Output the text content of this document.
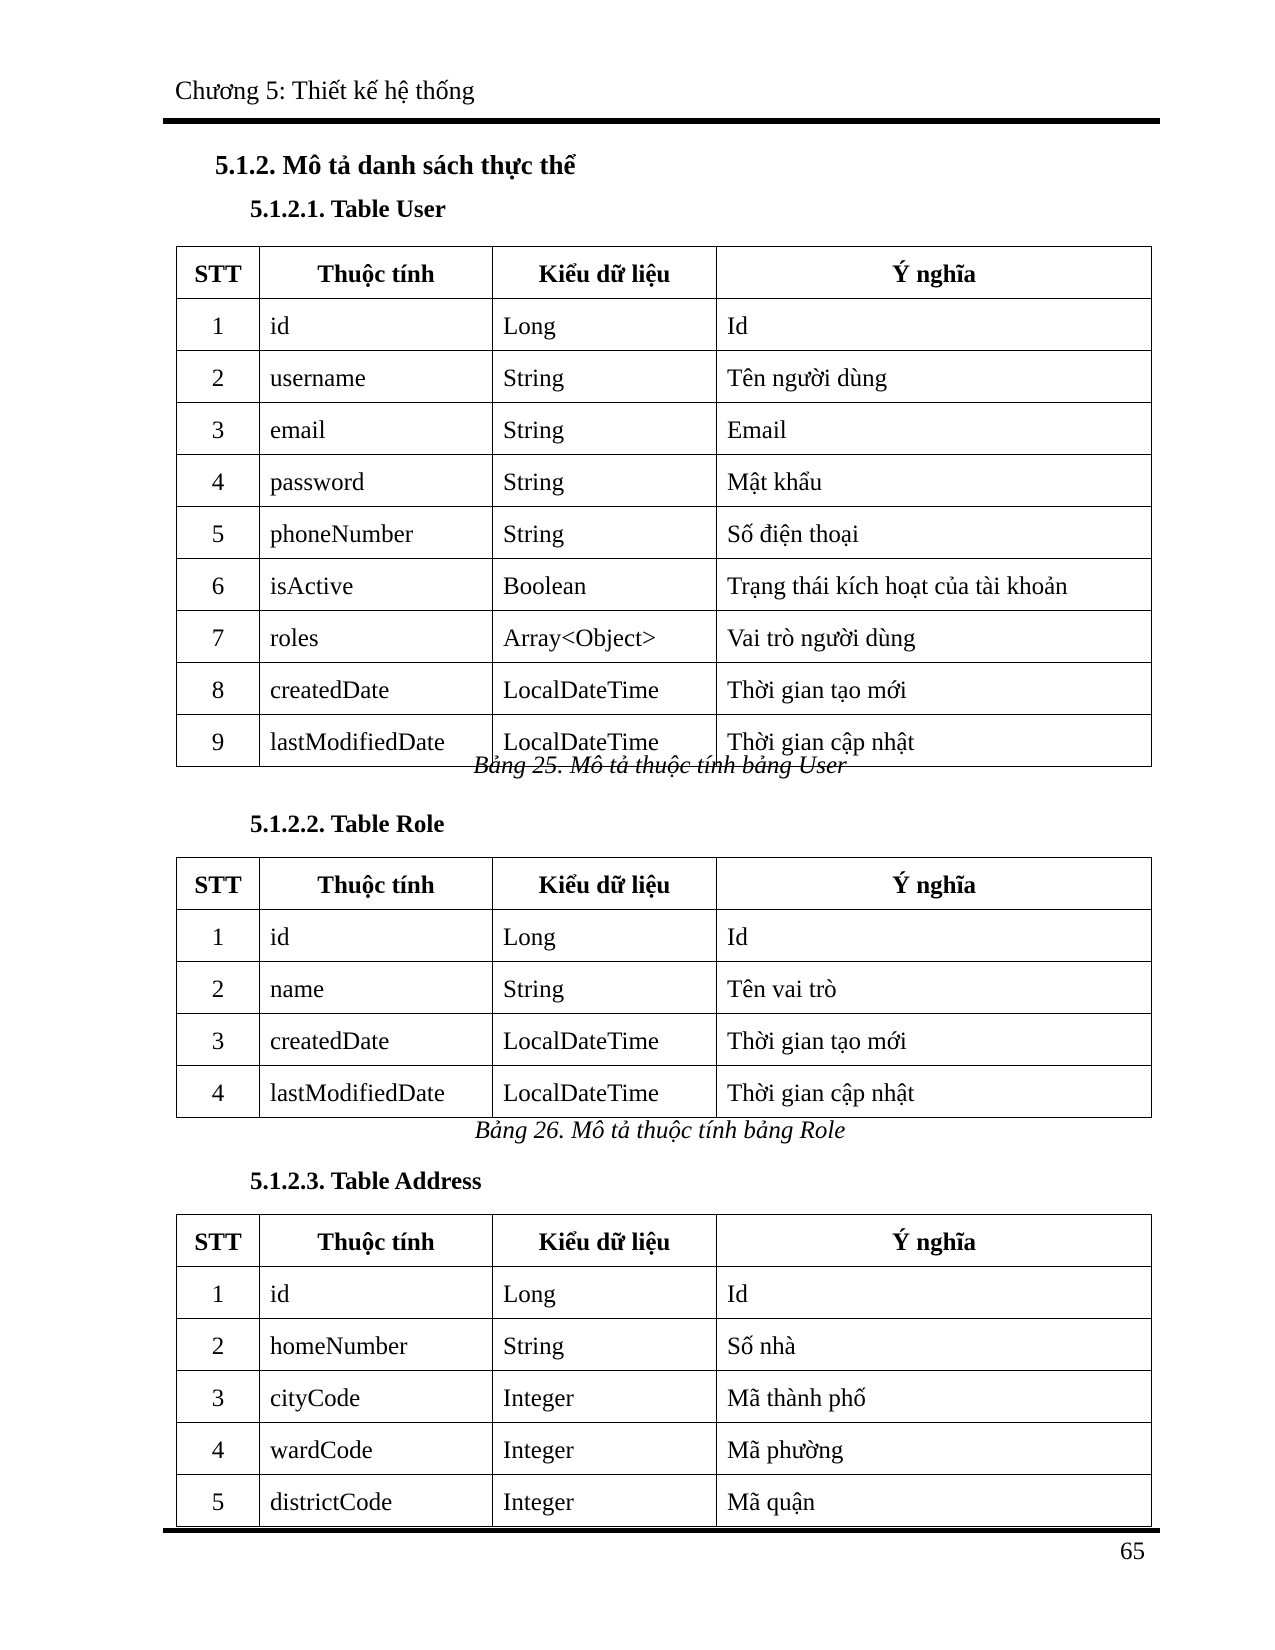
Chương 5: Thiết kế hệ thống
5.1.2. Mô tả danh sách thực thể
5.1.2.1. Table User
STT	Thuộc tính	Kiểu dữ liệu	Ý nghĩa
1	id	Long	Id
2	username	String	Tên người dùng
3	email	String	Email
4	password	String	Mật khẩu
5	phoneNumber	String	Số điện thoại
6	isActive	Boolean	Trạng thái kích hoạt của tài khoản
7	roles	Array<Object>	Vai trò người dùng
8	createdDate	LocalDateTime	Thời gian tạo mới
9	lastModifiedDate	LocalDateTime	Thời gian cập nhật
Bảng 25. Mô tả thuộc tính bảng User
5.1.2.2. Table Role
STT	Thuộc tính	Kiểu dữ liệu	Ý nghĩa
1	id	Long	Id
2	name	String	Tên vai trò
3	createdDate	LocalDateTime	Thời gian tạo mới
4	lastModifiedDate	LocalDateTime	Thời gian cập nhật
Bảng 26. Mô tả thuộc tính bảng Role
5.1.2.3. Table Address
STT	Thuộc tính	Kiểu dữ liệu	Ý nghĩa
1	id	Long	Id
2	homeNumber	String	Số nhà
3	cityCode	Integer	Mã thành phố
4	wardCode	Integer	Mã phường
5	districtCode	Integer	Mã quận
65
